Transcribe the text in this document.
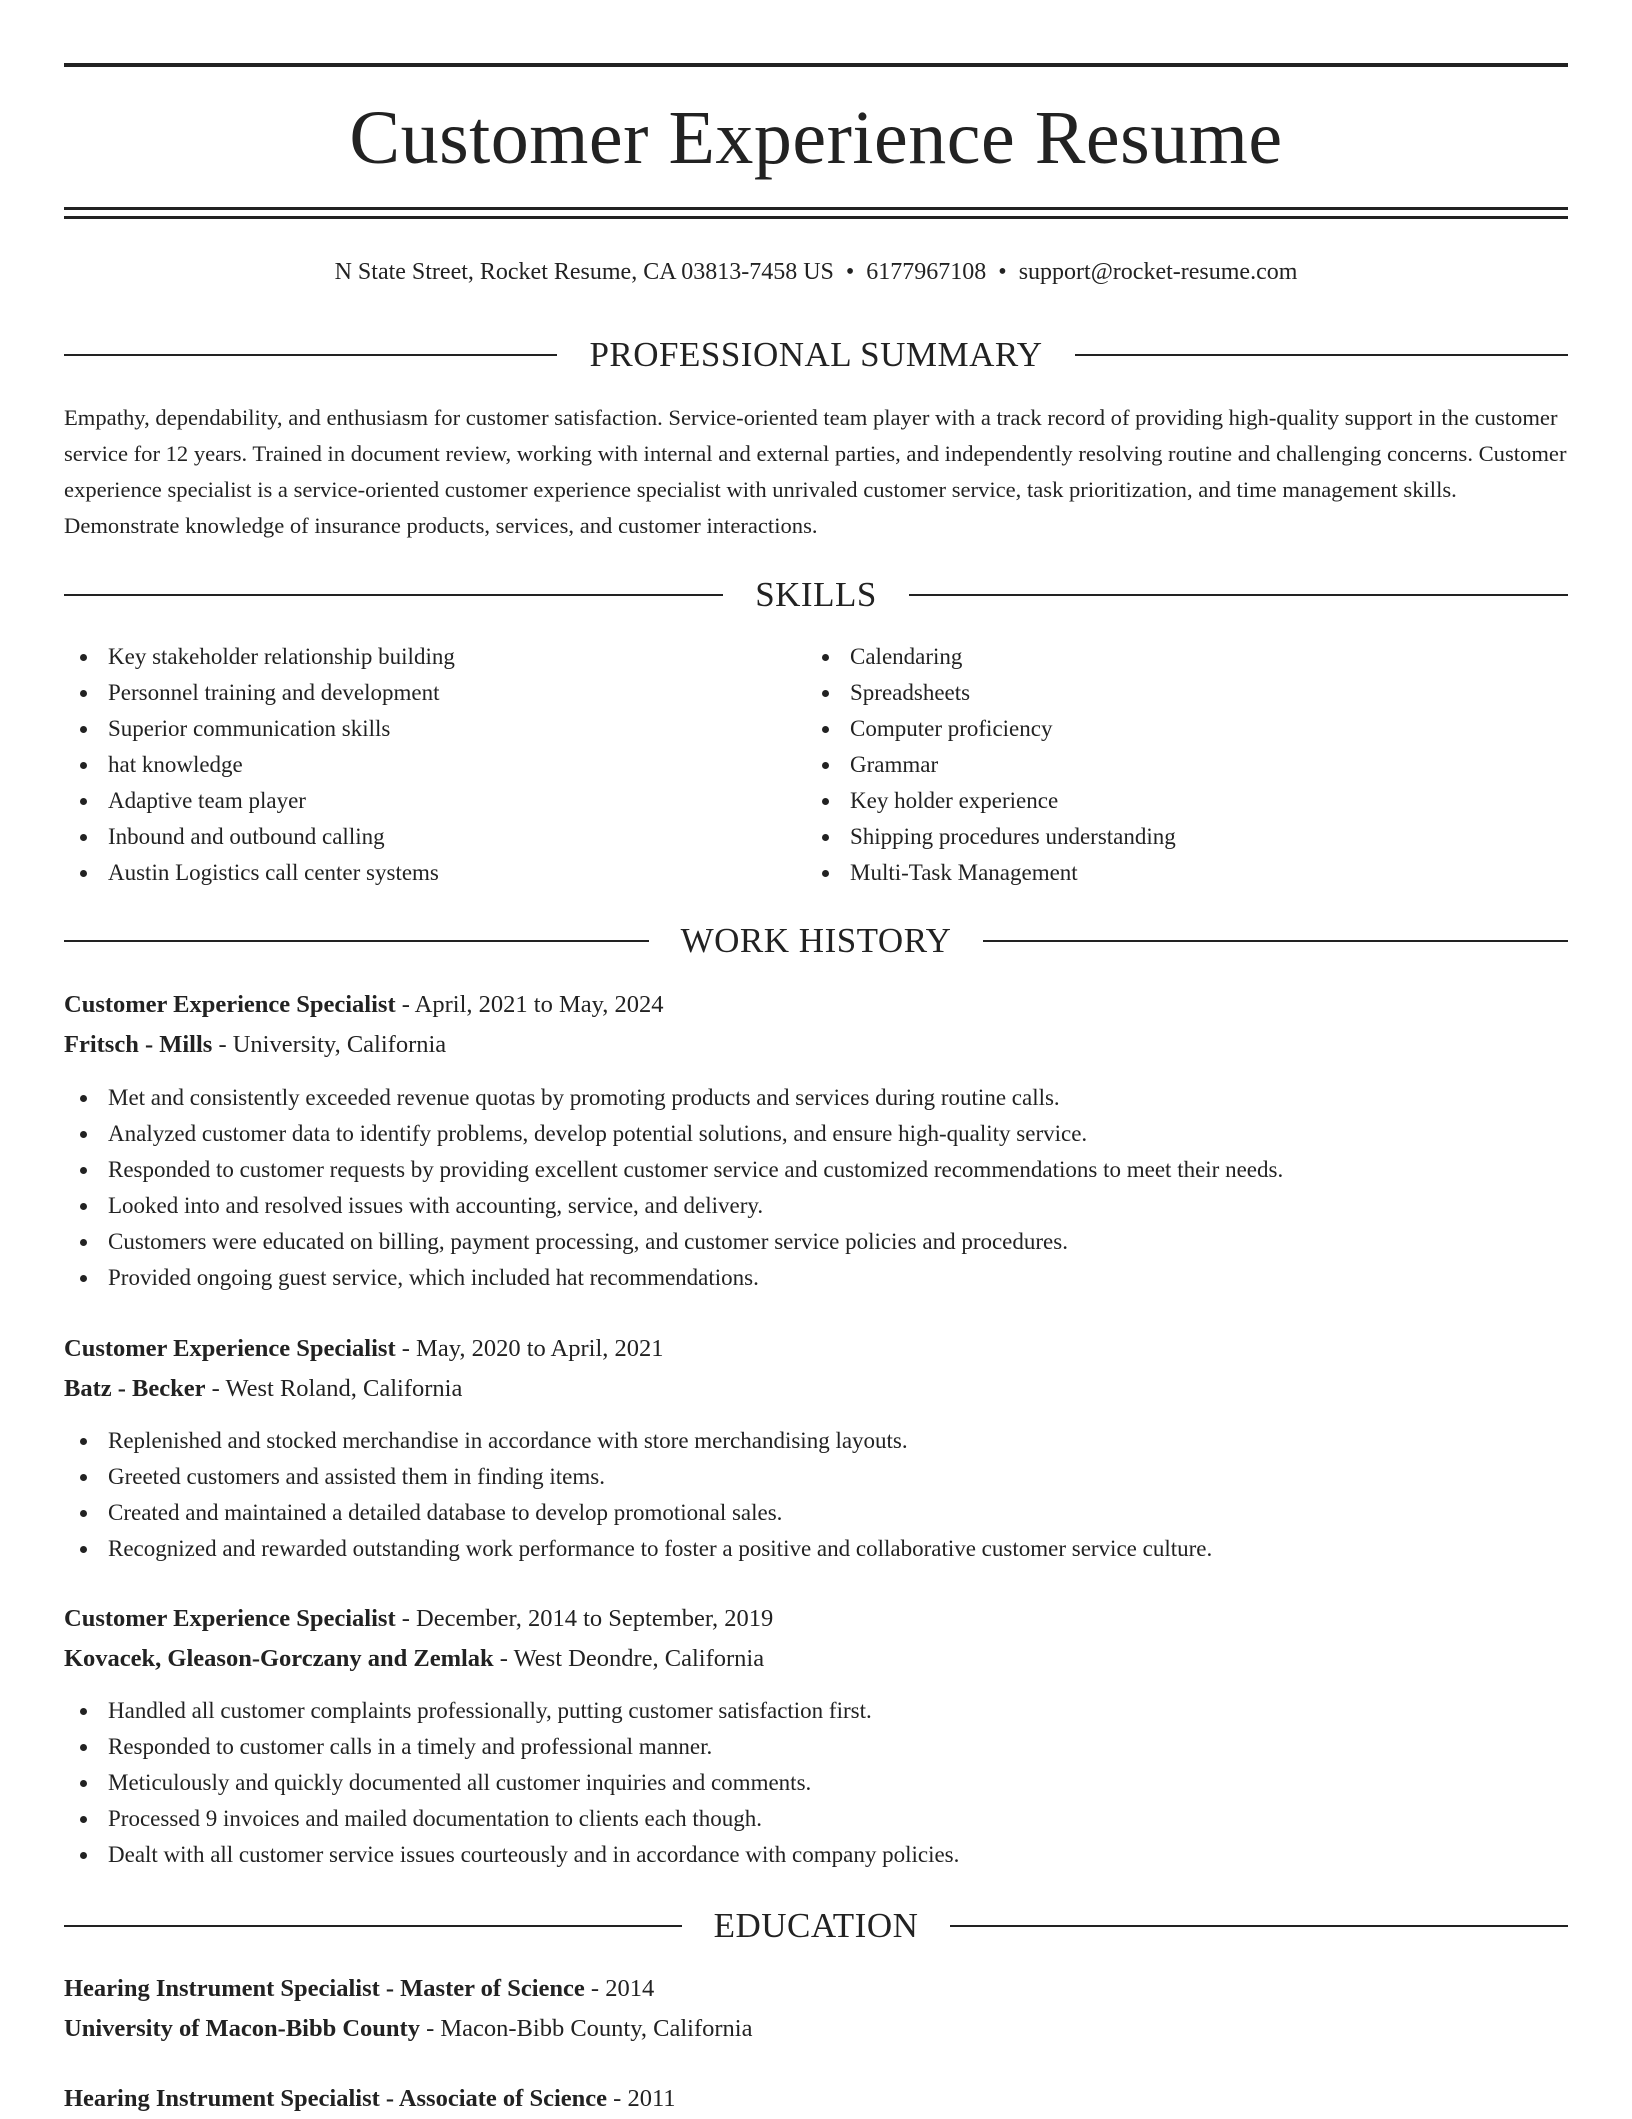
Customer Experience Resume
N State Street, Rocket Resume, CA 03813-7458 US • 6177967108 • support@rocket-resume.com
PROFESSIONAL SUMMARY

Empathy, dependability, and enthusiasm for customer satisfaction. Service-oriented team player with a track record of providing high-quality support in the customer service for 12 years. Trained in document review, working with internal and external parties, and independently resolving routine and challenging concerns. Customer experience specialist is a service-oriented customer experience specialist with unrivaled customer service, task prioritization, and time management skills. Demonstrate knowledge of insurance products, services, and customer interactions.

SKILLS
Key stakeholder relationship building
Personnel training and development
Superior communication skills
hat knowledge
Adaptive team player
Inbound and outbound calling
Austin Logistics call center systems
Calendaring
Spreadsheets
Computer proficiency
Grammar
Key holder experience
Shipping procedures understanding
Multi-Task Management
WORK HISTORY
Customer Experience Specialist - April, 2021 to May, 2024
Fritsch - Mills - University, California
Met and consistently exceeded revenue quotas by promoting products and services during routine calls.
Analyzed customer data to identify problems, develop potential solutions, and ensure high-quality service.
Responded to customer requests by providing excellent customer service and customized recommendations to meet their needs.
Looked into and resolved issues with accounting, service, and delivery.
Customers were educated on billing, payment processing, and customer service policies and procedures.
Provided ongoing guest service, which included hat recommendations.
Customer Experience Specialist - May, 2020 to April, 2021
Batz - Becker - West Roland, California
Replenished and stocked merchandise in accordance with store merchandising layouts.
Greeted customers and assisted them in finding items.
Created and maintained a detailed database to develop promotional sales.
Recognized and rewarded outstanding work performance to foster a positive and collaborative customer service culture.
Customer Experience Specialist - December, 2014 to September, 2019
Kovacek, Gleason-Gorczany and Zemlak - West Deondre, California
Handled all customer complaints professionally, putting customer satisfaction first.
Responded to customer calls in a timely and professional manner.
Meticulously and quickly documented all customer inquiries and comments.
Processed 9 invoices and mailed documentation to clients each though.
Dealt with all customer service issues courteously and in accordance with company policies.
EDUCATION
Hearing Instrument Specialist - Master of Science - 2014
University of Macon-Bibb County - Macon-Bibb County, California
Hearing Instrument Specialist - Associate of Science - 2011
